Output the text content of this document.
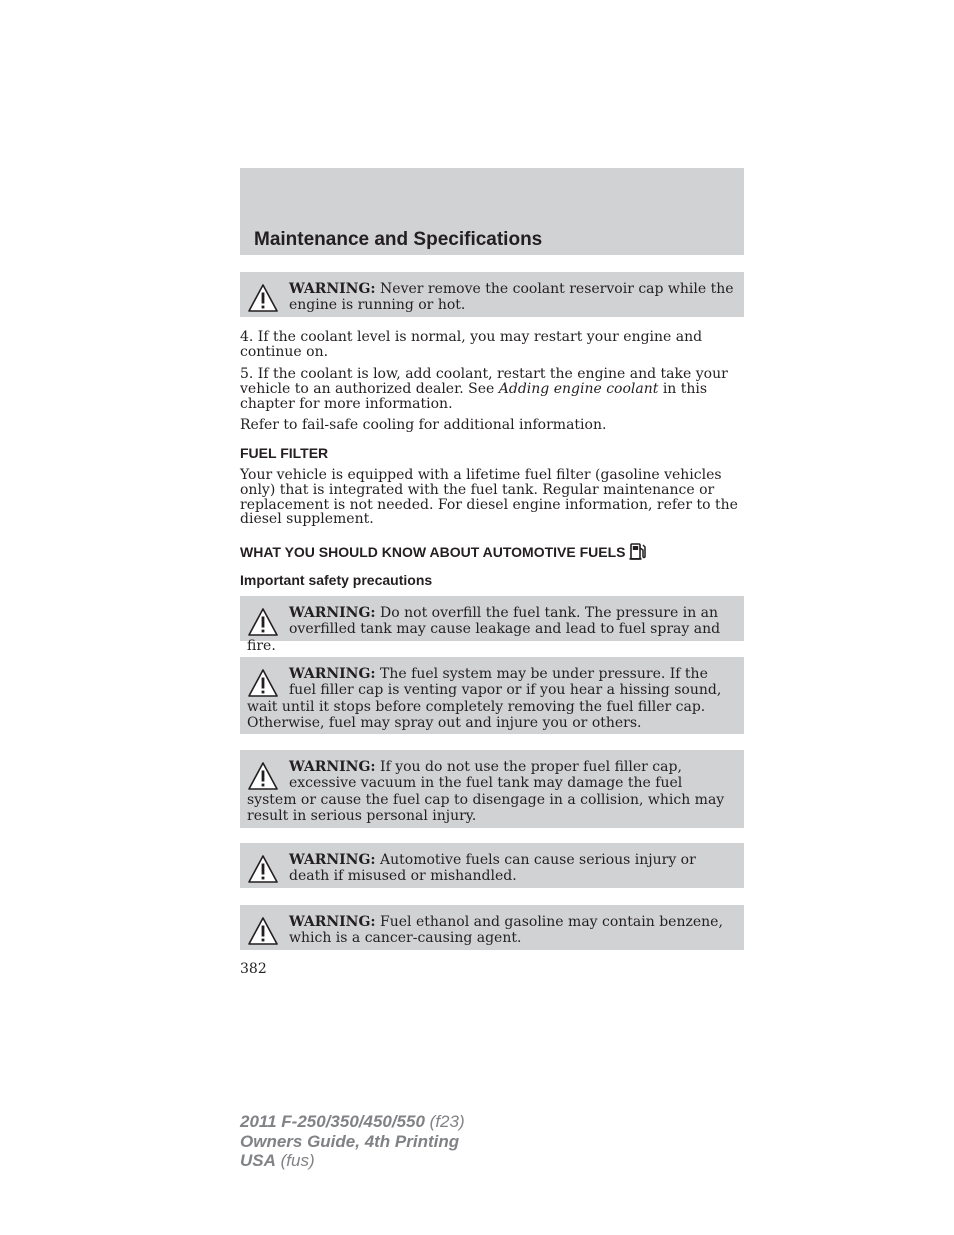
Maintenance and Specifications
WARNING: Never remove the coolant reservoir cap while the engine is running or hot.

4. If the coolant level is normal, you may restart your engine and continue on.

5. If the coolant is low, add coolant, restart the engine and take your vehicle to an authorized dealer. See Adding engine coolant in this chapter for more information.

Refer to fail-safe cooling for additional information.

FUEL FILTER

Your vehicle is equipped with a lifetime fuel filter (gasoline vehicles only) that is integrated with the fuel tank. Regular maintenance or replacement is not needed. For diesel engine information, refer to the diesel supplement.

WHAT YOU SHOULD KNOW ABOUT AUTOMOTIVE FUELS
Important safety precautions
WARNING: Do not overfill the fuel tank. The pressure in an overfilled tank may cause leakage and lead to fuel spray and fire.
WARNING: The fuel system may be under pressure. If the fuel filler cap is venting vapor or if you hear a hissing sound, wait until it stops before completely removing the fuel filler cap. Otherwise, fuel may spray out and injure you or others.
WARNING: If you do not use the proper fuel filler cap, excessive vacuum in the fuel tank may damage the fuel system or cause the fuel cap to disengage in a collision, which may result in serious personal injury.
WARNING: Automotive fuels can cause serious injury or death if misused or mishandled.
WARNING: Fuel ethanol and gasoline may contain benzene, which is a cancer-causing agent.
382
2011 F-250/350/450/550 (f23)
Owners Guide, 4th Printing
USA (fus)
